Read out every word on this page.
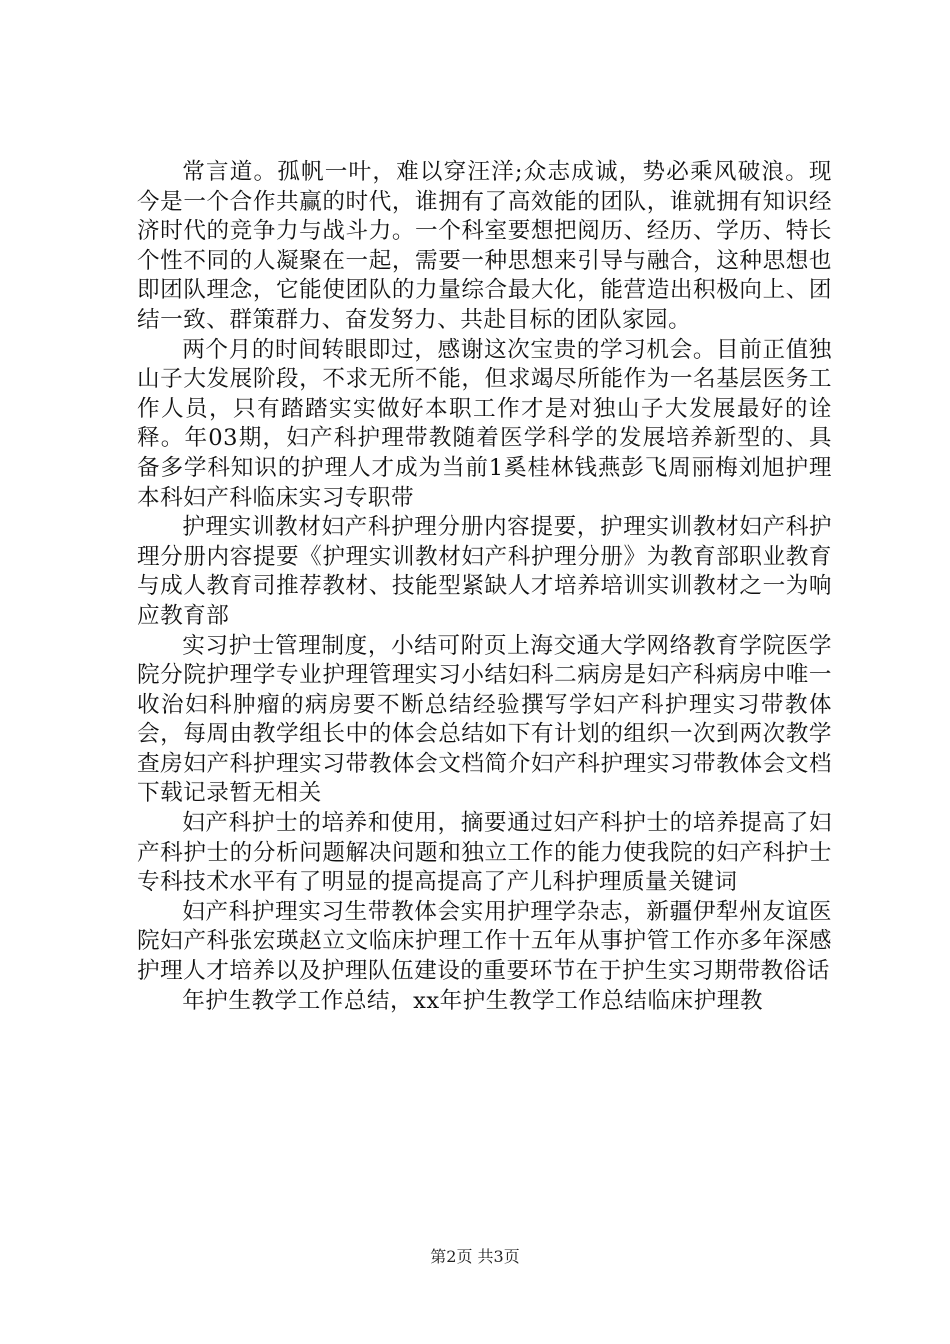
常言道。孤帆一叶，难以穿汪洋;众志成诚，势必乘风破浪。现今是一个合作共赢的时代，谁拥有了高效能的团队，谁就拥有知识经济时代的竞争力与战斗力。一个科室要想把阅历、经历、学历、特长个性不同的人凝聚在一起，需要一种思想来引导与融合，这种思想也即团队理念，它能使团队的力量综合最大化，能营造出积极向上、团结一致、群策群力、奋发努力、共赴目标的团队家园。

两个月的时间转眼即过，感谢这次宝贵的学习机会。目前正值独山子大发展阶段，不求无所不能，但求竭尽所能作为一名基层医务工作人员，只有踏踏实实做好本职工作才是对独山子大发展最好的诠释。年03期，妇产科护理带教随着医学科学的发展培养新型的、具备多学科知识的护理人才成为当前1奚桂林钱燕彭飞周丽梅刘旭护理本科妇产科临床实习专职带

护理实训教材妇产科护理分册内容提要，护理实训教材妇产科护理分册内容提要《护理实训教材妇产科护理分册》为教育部职业教育与成人教育司推荐教材、技能型紧缺人才培养培训实训教材之一为响应教育部

实习护士管理制度，小结可附页上海交通大学网络教育学院医学院分院护理学专业护理管理实习小结妇科二病房是妇产科病房中唯一收治妇科肿瘤的病房要不断总结经验撰写学妇产科护理实习带教体会，每周由教学组长中的体会总结如下有计划的组织一次到两次教学查房妇产科护理实习带教体会文档简介妇产科护理实习带教体会文档下载记录暂无相关

妇产科护士的培养和使用，摘要通过妇产科护士的培养提高了妇产科护士的分析问题解决问题和独立工作的能力使我院的妇产科护士专科技术水平有了明显的提高提高了产儿科护理质量关键词

妇产科护理实习生带教体会实用护理学杂志，新疆伊犁州友谊医院妇产科张宏瑛赵立文临床护理工作十五年从事护管工作亦多年深感护理人才培养以及护理队伍建设的重要环节在于护生实习期带教俗话

年护生教学工作总结，xx年护生教学工作总结临床护理教

第2页 共3页
